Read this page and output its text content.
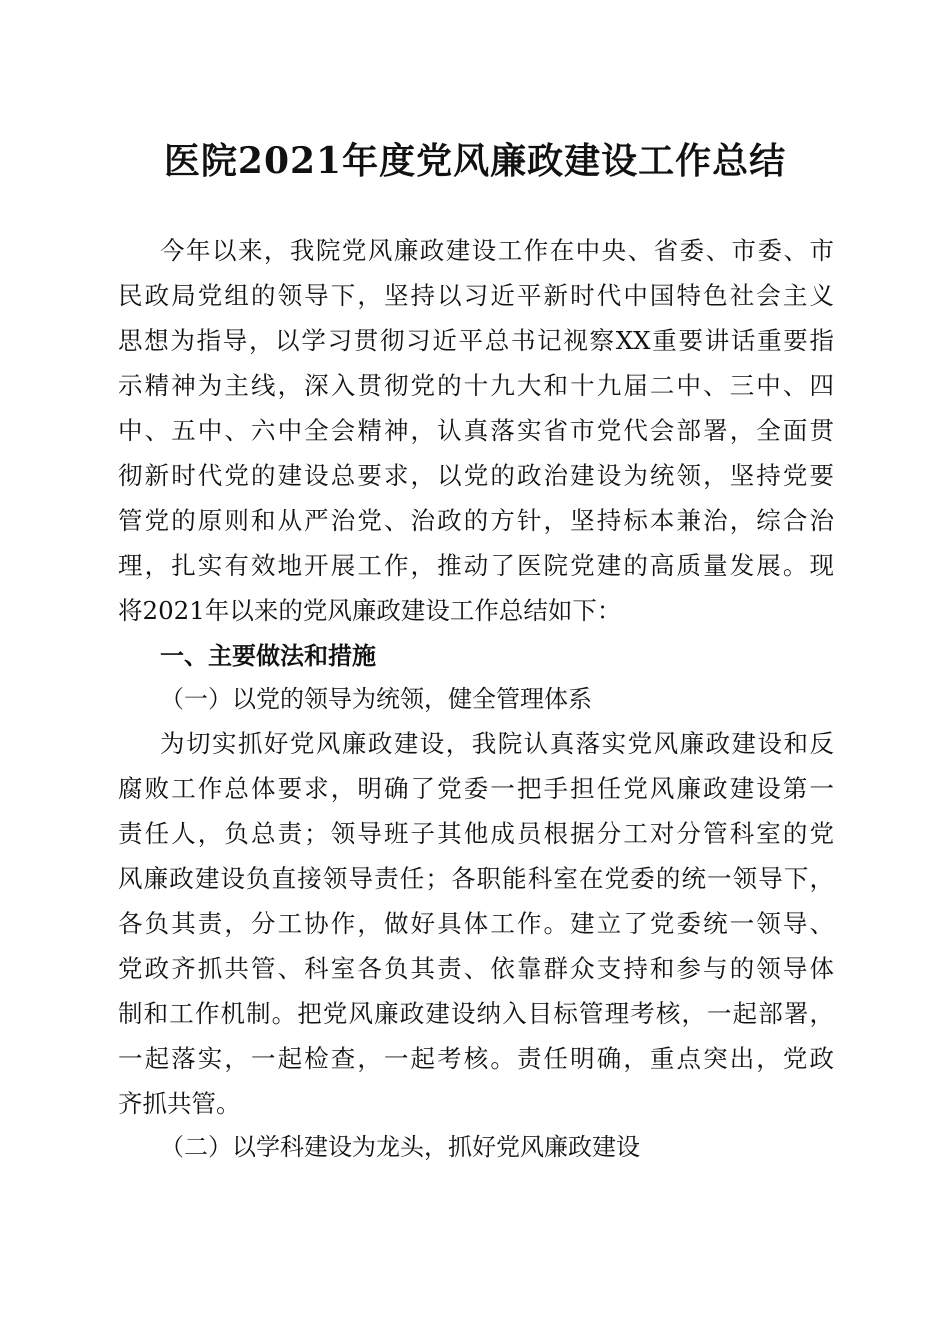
医院2021年度党风廉政建设工作总结

今年以来，我院党风廉政建设工作在中央、省委、市委、市

民政局党组的领导下，坚持以习近平新时代中国特色社会主义

思想为指导，以学习贯彻习近平总书记视察XX重要讲话重要指

示精神为主线，深入贯彻党的十九大和十九届二中、三中、四

中、五中、六中全会精神，认真落实省市党代会部署，全面贯

彻新时代党的建设总要求，以党的政治建设为统领，坚持党要

管党的原则和从严治党、治政的方针，坚持标本兼治，综合治

理，扎实有效地开展工作，推动了医院党建的高质量发展。现

将2021年以来的党风廉政建设工作总结如下：

一、主要做法和措施

（一）以党的领导为统领，健全管理体系

为切实抓好党风廉政建设，我院认真落实党风廉政建设和反

腐败工作总体要求，明确了党委一把手担任党风廉政建设第一

责任人，负总责；领导班子其他成员根据分工对分管科室的党

风廉政建设负直接领导责任；各职能科室在党委的统一领导下，

各负其责，分工协作，做好具体工作。建立了党委统一领导、

党政齐抓共管、科室各负其责、依靠群众支持和参与的领导体

制和工作机制。把党风廉政建设纳入目标管理考核，一起部署，

一起落实，一起检查，一起考核。责任明确，重点突出，党政

齐抓共管。

（二）以学科建设为龙头，抓好党风廉政建设
